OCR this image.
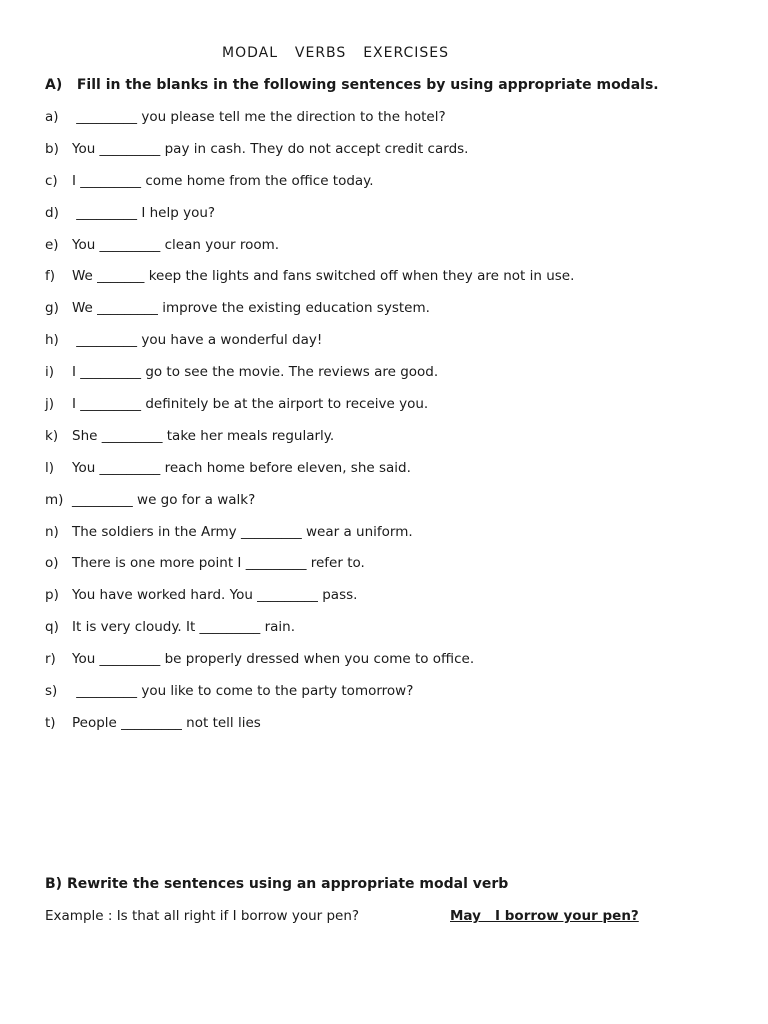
MODAL  VERBS  EXERCISES
A)   Fill in the blanks in the following sentences by using appropriate modals.
a) _________ you please tell me the direction to the hotel?
b) You _________ pay in cash. They do not accept credit cards.
c)	I _________ come home from the office today.
d) _________ I help you?
e) You _________ clean your room.
f)	We _______ keep the lights and fans switched off when they are not in use.
g) We _________ improve the existing education system.
h) _________ you have a wonderful day!
i)	I _________ go to see the movie. The reviews are good.
j)	I _________ definitely be at the airport to receive you.
k)	She _________ take her meals regularly.
l)	You _________ reach home before eleven, she said.
m) _________ we go for a walk?
n) The soldiers in the Army _________ wear a uniform.
o) There is one more point I _________ refer to.
p) You have worked hard. You _________ pass.
q) It is very cloudy. It _________ rain.
r)	You _________ be properly dressed when you come to office.
s)	_________ you like to come to the party tomorrow?
t)	People _________ not tell lies
B) Rewrite the sentences using an appropriate modal verb
Example : Is that all right if I borrow your pen?	May   I borrow your pen?
